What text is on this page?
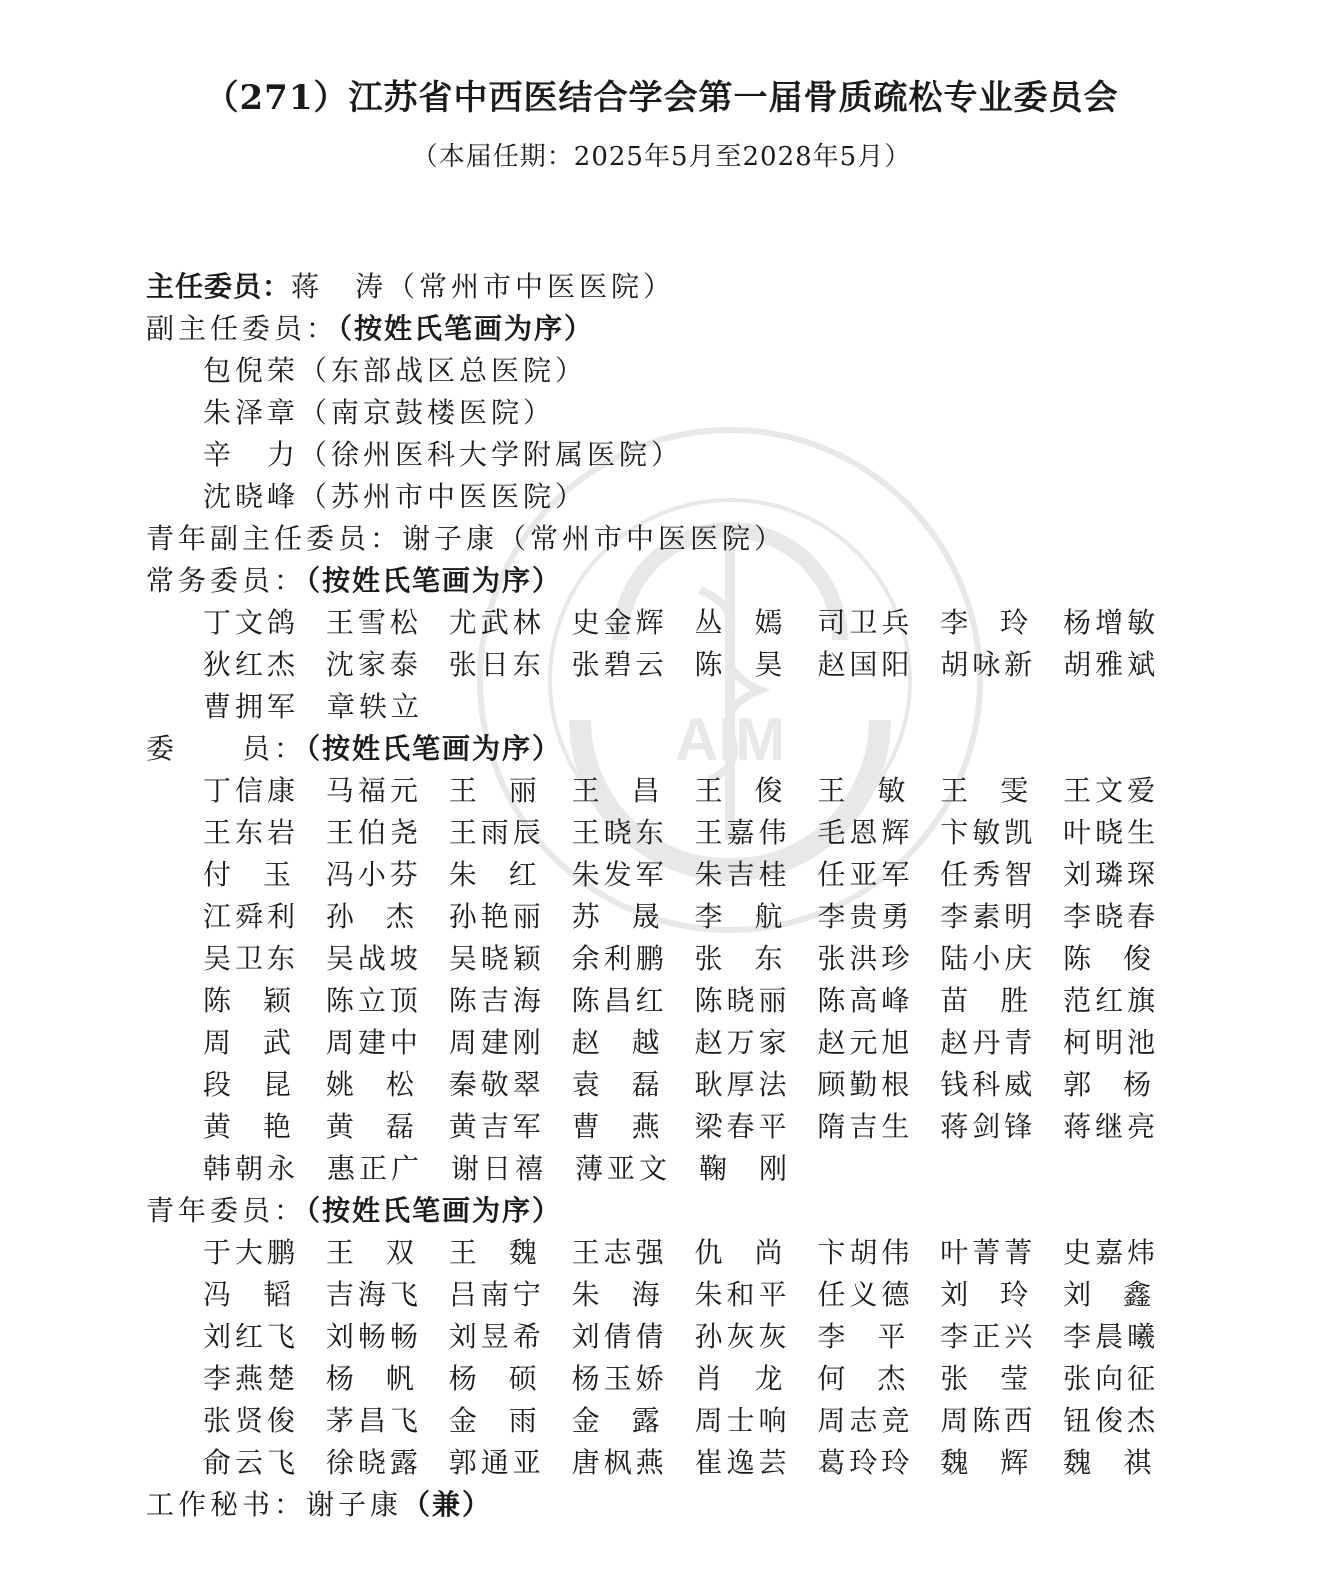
AIM
（271）江苏省中西医结合学会第一届骨质疏松专业委员会
（本届任期：2025年5月至2028年5月）
主任委员：蒋　涛（常州市中医医院）
副主任委员：（按姓氏笔画为序）
包倪荣（东部战区总医院）
朱泽章（南京鼓楼医院）
辛　力（徐州医科大学附属医院）
沈晓峰（苏州市中医医院）
青年副主任委员：谢子康（常州市中医医院）
常务委员：（按姓氏笔画为序）
丁文鸽 王雪松 尤武林 史金辉 丛嫣 司卫兵 李玲 杨增敏
狄红杰 沈家泰 张日东 张碧云 陈昊 赵国阳 胡咏新 胡雅斌
曹拥军 章轶立
委　　员：（按姓氏笔画为序）
丁信康 马福元 王丽 王昌 王俊 王敏 王雯 王文爱
王东岩 王伯尧 王雨辰 王晓东 王嘉伟 毛恩辉 卞敏凯 叶晓生
付玉 冯小芬 朱红 朱发军 朱吉桂 任亚军 任秀智 刘璘琛
江舜利 孙杰 孙艳丽 苏晟 李航 李贵勇 李素明 李晓春
吴卫东 吴战坡 吴晓颖 余利鹏 张东 张洪珍 陆小庆 陈俊
陈颖 陈立顶 陈吉海 陈昌红 陈晓丽 陈高峰 苗胜 范红旗
周武 周建中 周建刚 赵越 赵万家 赵元旭 赵丹青 柯明池
段昆 姚松 秦敬翠 袁磊 耿厚法 顾勤根 钱科威 郭杨
黄艳 黄磊 黄吉军 曹燕 梁春平 隋吉生 蒋剑锋 蒋继亮
韩朝永 惠正广 谢日禧 薄亚文 鞠刚
青年委员：（按姓氏笔画为序）
于大鹏 王双 王魏 王志强 仇尚 卞胡伟 叶菁菁 史嘉炜
冯韬 吉海飞 吕南宁 朱海 朱和平 任义德 刘玲 刘鑫
刘红飞 刘畅畅 刘昱希 刘倩倩 孙灰灰 李平 李正兴 李晨曦
李燕楚 杨帆 杨硕 杨玉娇 肖龙 何杰 张莹 张向征
张贤俊 茅昌飞 金雨 金露 周士响 周志竞 周陈西 钮俊杰
俞云飞 徐晓露 郭通亚 唐枫燕 崔逸芸 葛玲玲 魏辉 魏祺
工作秘书：谢子康（兼）
